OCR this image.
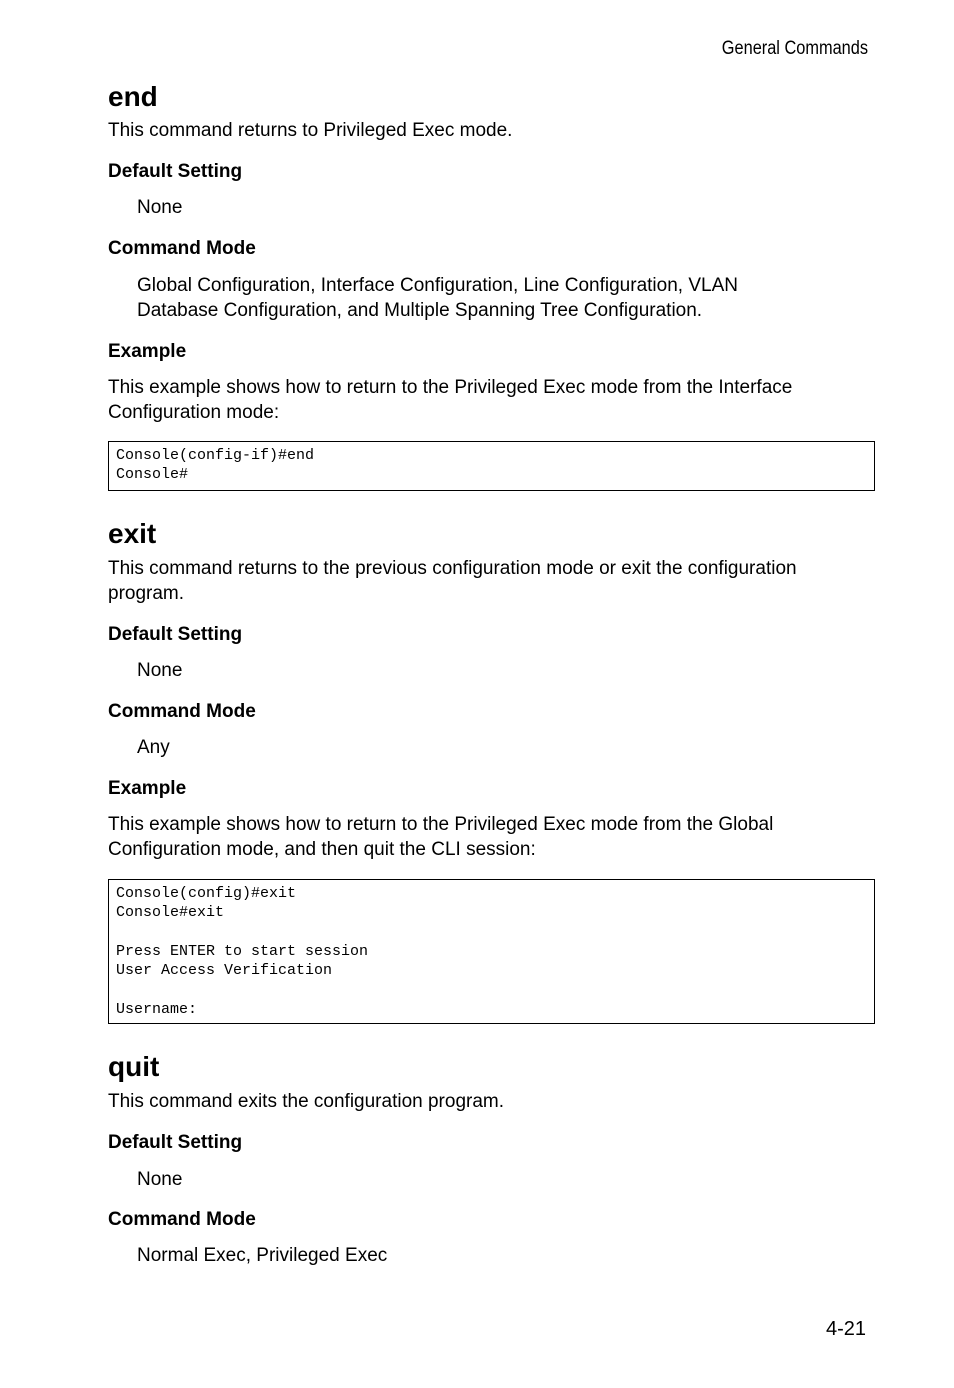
General Commands
end

This command returns to Privileged Exec mode.

Default Setting

None

Command Mode

Global Configuration, Interface Configuration, Line Configuration, VLAN

Database Configuration, and Multiple Spanning Tree Configuration.

Example

This example shows how to return to the Privileged Exec mode from the Interface Configuration mode:

Console(config-if)#end
Console#
exit

This command returns to the previous configuration mode or exit the configuration program.

Default Setting

None

Command Mode

Any

Example

This example shows how to return to the Privileged Exec mode from the Global Configuration mode, and then quit the CLI session:

Console(config)#exit
Console#exit

Press ENTER to start session
User Access Verification

Username:
quit

This command exits the configuration program.

Default Setting

None

Command Mode

Normal Exec, Privileged Exec

4-21
